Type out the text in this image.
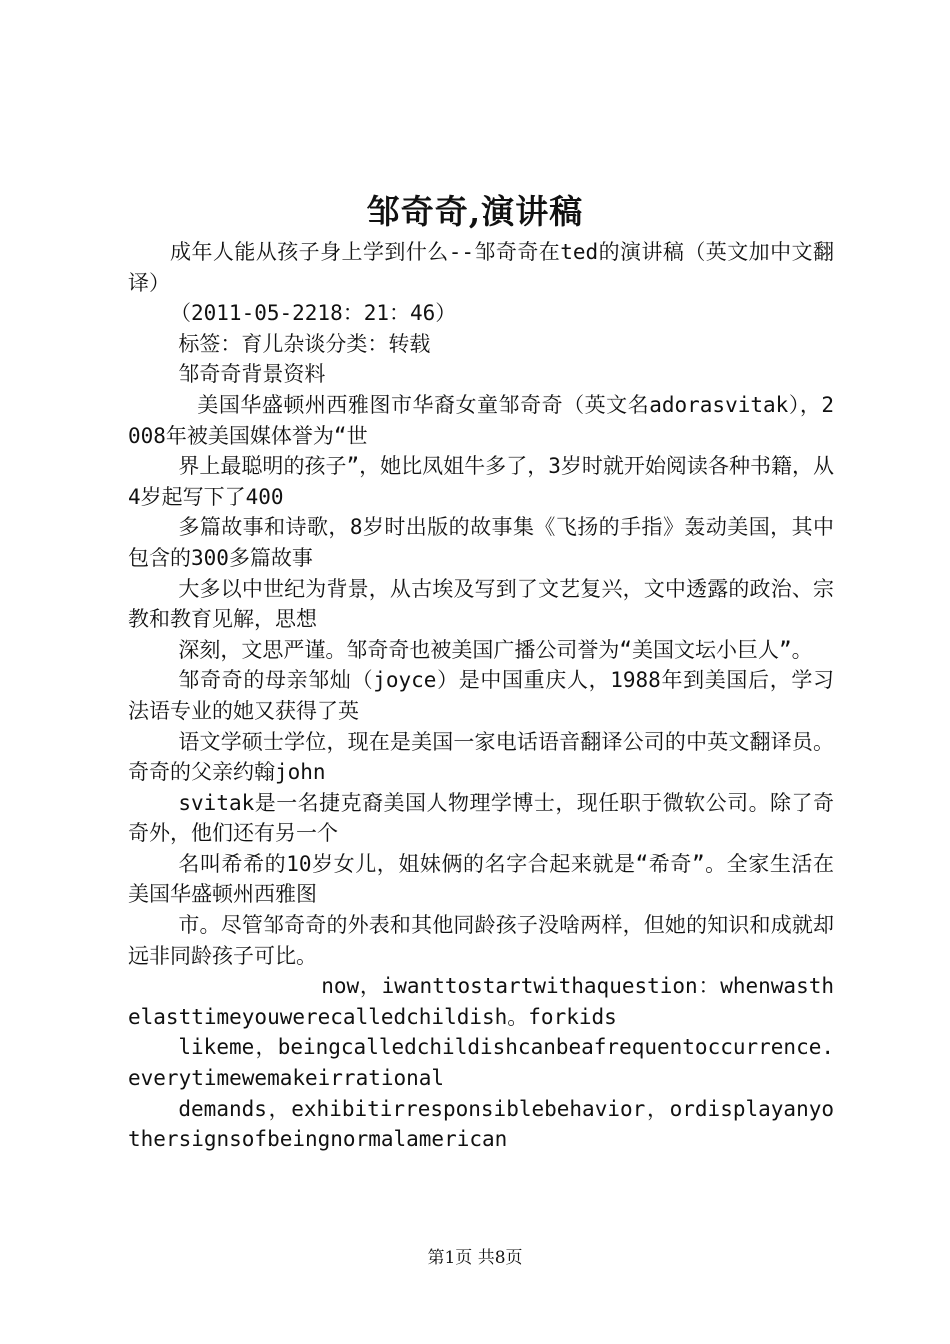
邹奇奇,演讲稿

成年人能从孩子身上学到什么--邹奇奇在ted的演讲稿（英文加中文翻译）

（2011-05-2218：21：46）

标签：育儿杂谈分类：转载

邹奇奇背景资料

美国华盛顿州西雅图市华裔女童邹奇奇（英文名adorasvitak），2008年被美国媒体誉为“世

界上最聪明的孩子”，她比凤姐牛多了，3岁时就开始阅读各种书籍，从4岁起写下了400

多篇故事和诗歌，8岁时出版的故事集《飞扬的手指》轰动美国，其中包含的300多篇故事

大多以中世纪为背景，从古埃及写到了文艺复兴，文中透露的政治、宗教和教育见解，思想

深刻，文思严谨。邹奇奇也被美国广播公司誉为“美国文坛小巨人”。

邹奇奇的母亲邹灿（joyce）是中国重庆人，1988年到美国后，学习法语专业的她又获得了英

语文学硕士学位，现在是美国一家电话语音翻译公司的中英文翻译员。奇奇的父亲约翰john

svitak是一名捷克裔美国人物理学博士，现任职于微软公司。除了奇奇外，他们还有另一个

名叫希希的10岁女儿，姐妹俩的名字合起来就是“希奇”。全家生活在美国华盛顿州西雅图

市。尽管邹奇奇的外表和其他同龄孩子没啥两样，但她的知识和成就却远非同龄孩子可比。

now，iwanttostartwithaquestion：whenwasthelasttimeyouwerecalledchildish。forkids

likeme，beingcalledchildishcanbeafrequentoccurrence.everytimewemakeirrational

demands，exhibitirresponsiblebehavior，ordisplayanyothersignsofbeingnormalamerican

第1页 共8页
